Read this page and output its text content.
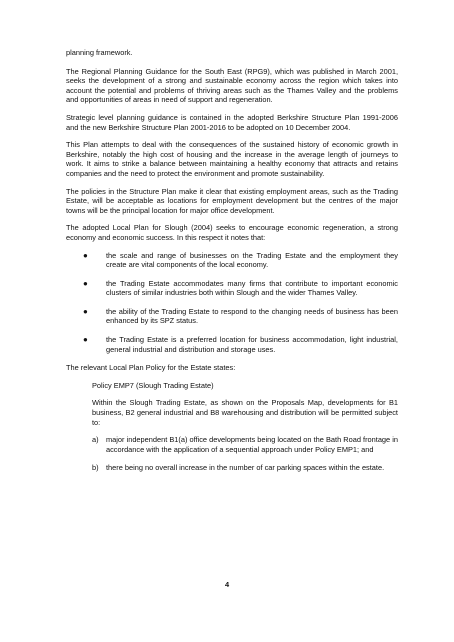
planning framework.

The Regional Planning Guidance for the South East (RPG9), which was published in March 2001, seeks the development of a strong and sustainable economy across the region which takes into account the potential and problems of thriving areas such as the Thames Valley and the problems and opportunities of areas in need of support and regeneration.

Strategic level planning guidance is contained in the adopted Berkshire Structure Plan 1991-2006 and the new Berkshire Structure Plan 2001-2016 to be adopted on 10 December 2004.

This Plan attempts to deal with the consequences of the sustained history of economic growth in Berkshire, notably the high cost of housing and the increase in the average length of journeys to work. It aims to strike a balance between maintaining a healthy economy that attracts and retains companies and the need to protect the environment and promote sustainability.

The policies in the Structure Plan make it clear that existing employment areas, such as the Trading Estate, will be acceptable as locations for employment development but the centres of the major towns will be the principal location for major office development.

The adopted Local Plan for Slough (2004) seeks to encourage economic regeneration, a strong economy and economic success. In this respect it notes that:

● the scale and range of businesses on the Trading Estate and the employment they create are vital components of the local economy.
● the Trading Estate accommodates many firms that contribute to important economic clusters of similar industries both within Slough and the wider Thames Valley.
● the ability of the Trading Estate to respond to the changing needs of business has been enhanced by its SPZ status.
● the Trading Estate is a preferred location for business accommodation, light industrial, general industrial and distribution and storage uses.

The relevant Local Plan Policy for the Estate states:

Policy EMP7 (Slough Trading Estate)

Within the Slough Trading Estate, as shown on the Proposals Map, developments for B1 business, B2 general industrial and B8 warehousing and distribution will be permitted subject to:

a) major independent B1(a) office developments being located on the Bath Road frontage in accordance with the application of a sequential approach under Policy EMP1; and
b) there being no overall increase in the number of car parking spaces within the estate.
4
